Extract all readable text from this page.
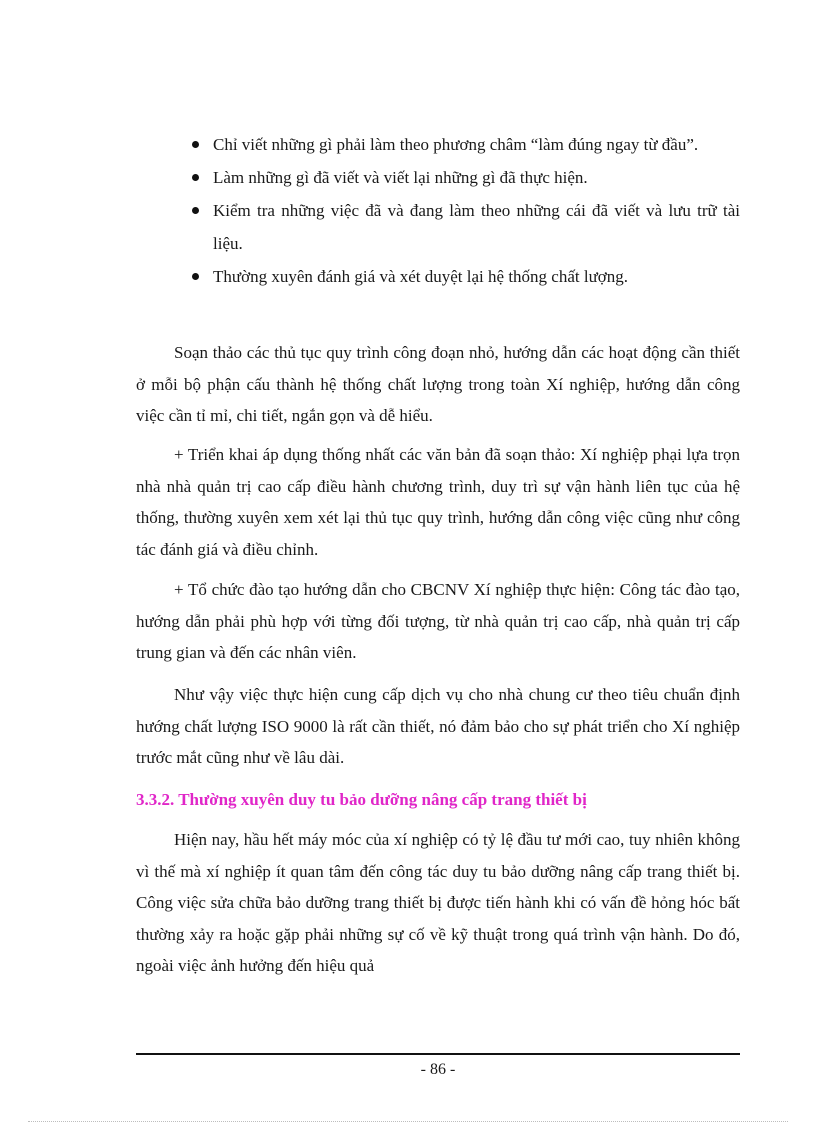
Chỉ viết những gì phải làm theo phương châm “làm đúng ngay từ đầu”.
Làm những gì đã viết và viết lại những gì đã thực hiện.
Kiểm tra những việc đã và đang làm theo những cái đã viết và lưu trữ tài liệu.
Thường xuyên đánh giá và xét duyệt lại hệ thống chất lượng.

Soạn thảo các thủ tục quy trình công đoạn nhỏ, hướng dẫn các hoạt động cần thiết ở mỗi bộ phận cấu thành hệ thống chất lượng trong toàn Xí nghiệp, hướng dẫn công việc cần tỉ mỉ, chi tiết, ngắn gọn và dễ hiểu.

+ Triển khai áp dụng thống nhất các văn bản đã soạn thảo: Xí nghiệp phại lựa trọn nhà nhà quản trị cao cấp điều hành chương trình, duy trì sự vận hành liên tục của hệ thống, thường xuyên xem xét lại thủ tục quy trình, hướng dẫn công việc cũng như công tác đánh giá và điều chỉnh.

+ Tổ chức đào tạo hướng dẫn cho CBCNV Xí nghiệp thực hiện: Công tác đào tạo, hướng dẫn phải phù hợp với từng đối tượng, từ nhà quản trị cao cấp, nhà quản trị cấp trung gian và đến các nhân viên.

Như vậy việc thực hiện cung cấp dịch vụ cho nhà chung cư theo tiêu chuẩn định hướng chất lượng ISO 9000 là rất cần thiết, nó đảm bảo cho sự phát triển cho Xí nghiệp trước mắt cũng như về lâu dài.

3.3.2. Thường xuyên duy tu bảo dưỡng nâng cấp trang thiết bị

Hiện nay, hầu hết máy móc của xí nghiệp có tỷ lệ đầu tư mới cao, tuy nhiên không vì thế mà xí nghiệp ít quan tâm đến công tác duy tu bảo dưỡng nâng cấp trang thiết bị. Công việc sửa chữa bảo dưỡng trang thiết bị được tiến hành khi có vấn đề hỏng hóc bất thường xảy ra hoặc gặp phải những sự cố về kỹ thuật trong quá trình vận hành. Do đó, ngoài việc ảnh hưởng đến hiệu quả

- 86 -
